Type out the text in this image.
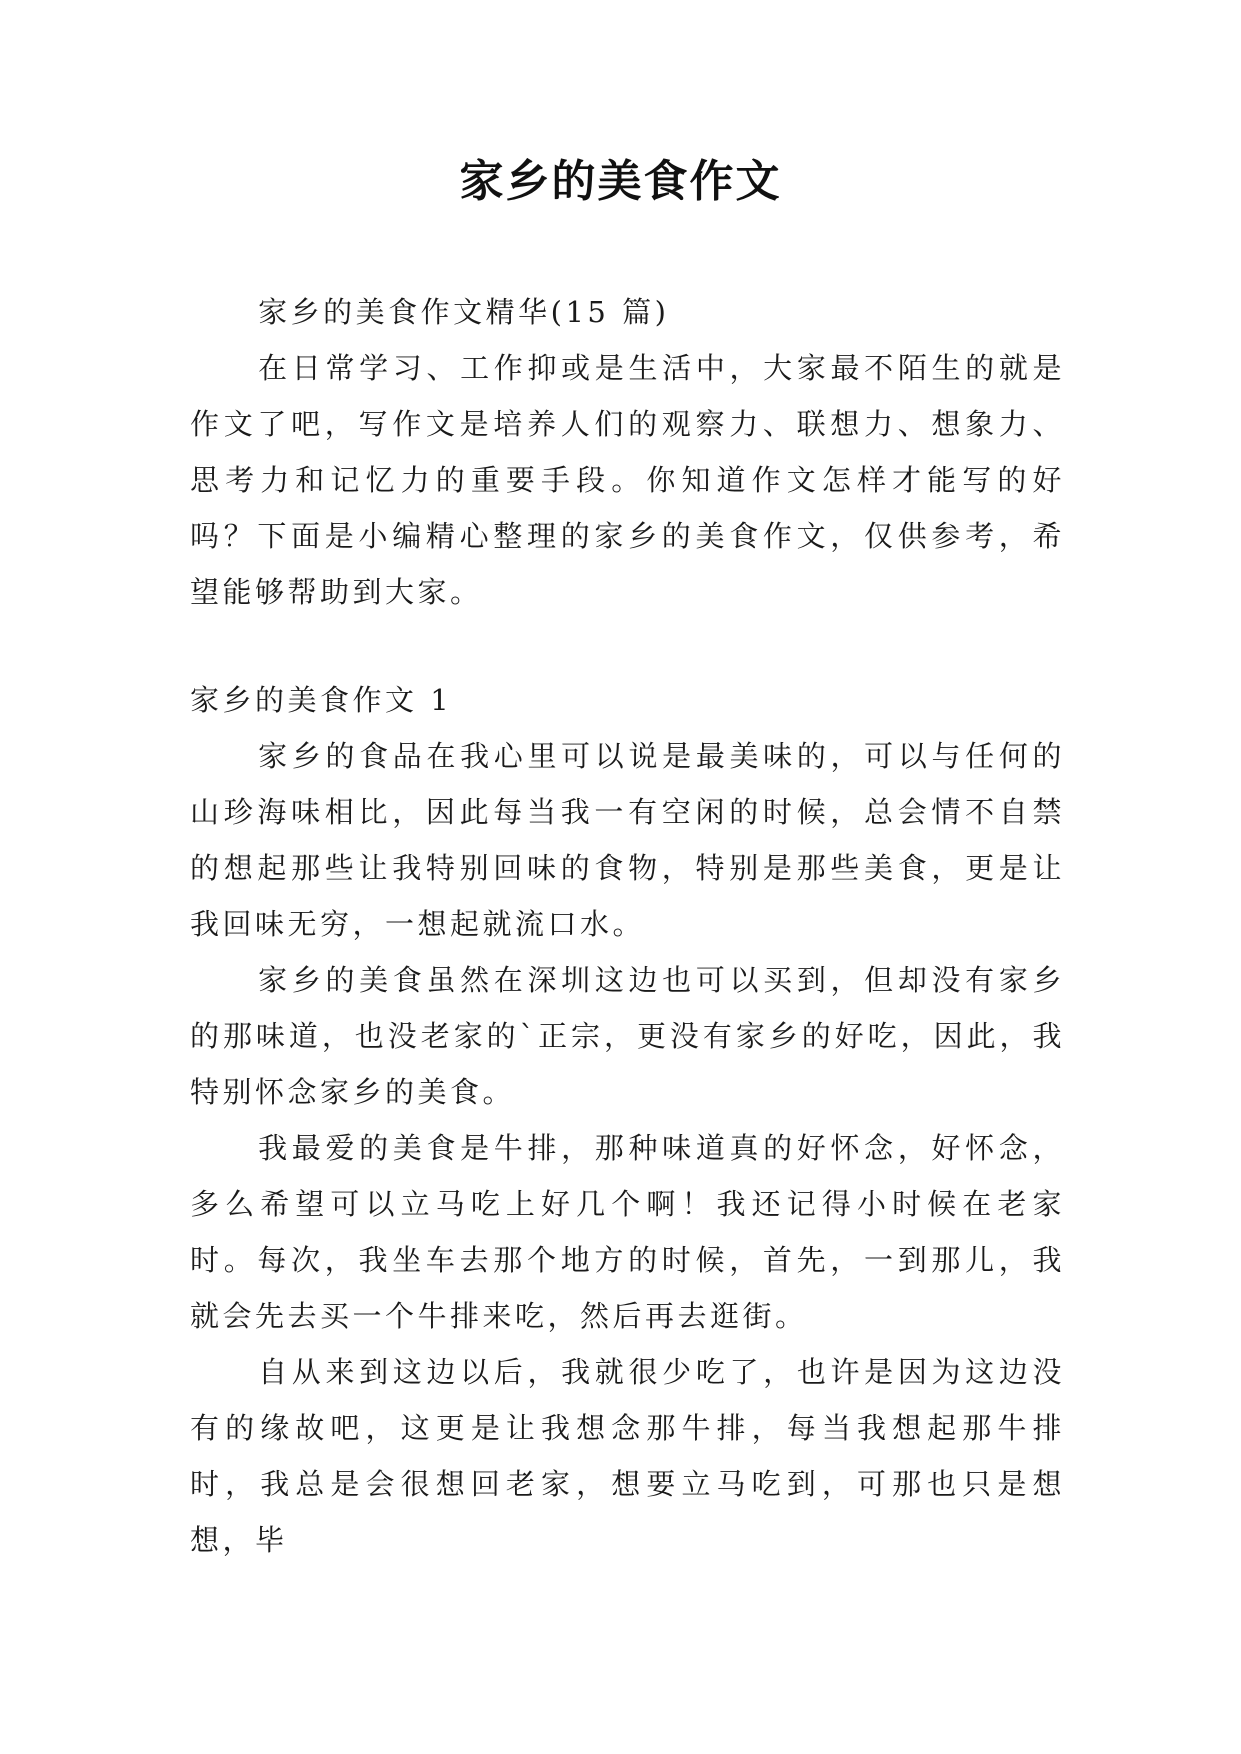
家乡的美食作文

家乡的美食作文精华(15 篇)

在日常学习、工作抑或是生活中，大家最不陌生的就是作文了吧，写作文是培养人们的观察力、联想力、想象力、思考力和记忆力的重要手段。你知道作文怎样才能写的好吗？下面是小编精心整理的家乡的美食作文，仅供参考，希望能够帮助到大家。

家乡的美食作文 1

家乡的食品在我心里可以说是最美味的，可以与任何的山珍海味相比，因此每当我一有空闲的时候，总会情不自禁的想起那些让我特别回味的食物，特别是那些美食，更是让我回味无穷，一想起就流口水。

家乡的美食虽然在深圳这边也可以买到，但却没有家乡的那味道，也没老家的`正宗，更没有家乡的好吃，因此，我特别怀念家乡的美食。

我最爱的美食是牛排，那种味道真的好怀念，好怀念，多么希望可以立马吃上好几个啊！我还记得小时候在老家时。每次，我坐车去那个地方的时候，首先，一到那儿，我就会先去买一个牛排来吃，然后再去逛街。

自从来到这边以后，我就很少吃了，也许是因为这边没有的缘故吧，这更是让我想念那牛排，每当我想起那牛排时，我总是会很想回老家，想要立马吃到，可那也只是想想，毕
